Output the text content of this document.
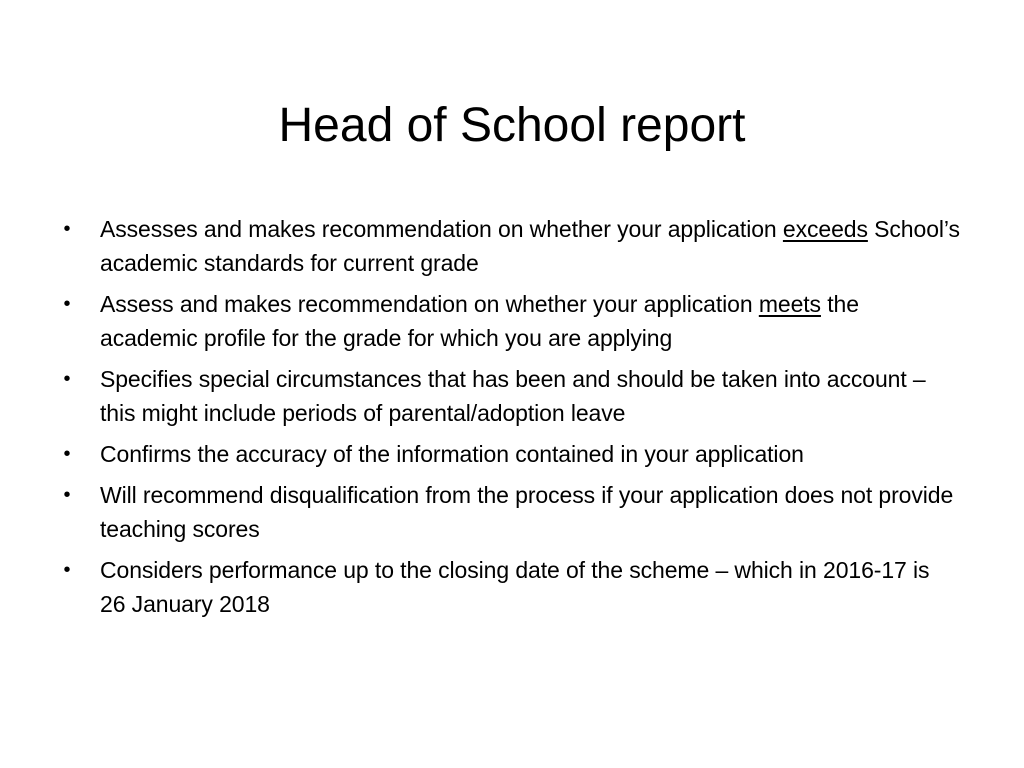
Head of School report
• Assesses and makes recommendation on whether your application exceeds School’s academic standards for current grade
• Assess and makes recommendation on whether your application meets the academic profile for the grade for which you are applying
• Specifies special circumstances that has been and should be taken into account – this might include periods of parental/adoption leave
• Confirms the accuracy of the information contained in your application
• Will recommend disqualification from the process if your application does not provide teaching scores
• Considers performance up to the closing date of the scheme – which in 2016-17 is 26 January 2018
